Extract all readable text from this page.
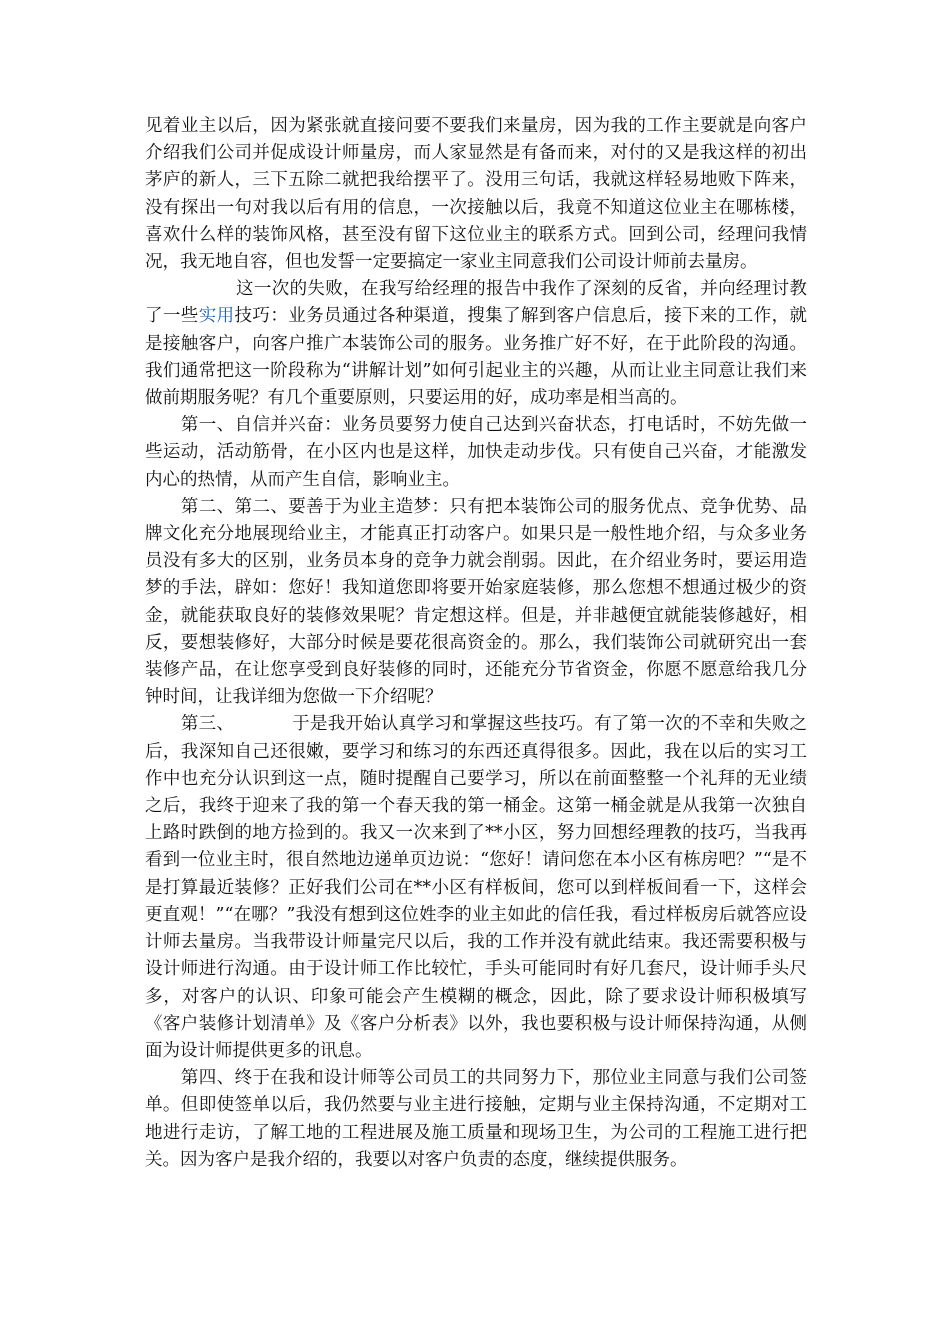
见着业主以后，因为紧张就直接问要不要我们来量房，因为我的工作主要就是向客户介绍我们公司并促成设计师量房，而人家显然是有备而来，对付的又是我这样的初出茅庐的新人，三下五除二就把我给摆平了。没用三句话，我就这样轻易地败下阵来，没有探出一句对我以后有用的信息，一次接触以后，我竟不知道这位业主在哪栋楼，喜欢什么样的装饰风格，甚至没有留下这位业主的联系方式。回到公司，经理问我情况，我无地自容，但也发誓一定要搞定一家业主同意我们公司设计师前去量房。

这一次的失败，在我写给经理的报告中我作了深刻的反省，并向经理讨教了一些实用技巧：业务员通过各种渠道，搜集了解到客户信息后，接下来的工作，就是接触客户，向客户推广本装饰公司的服务。业务推广好不好，在于此阶段的沟通。我们通常把这一阶段称为“讲解计划”如何引起业主的兴趣，从而让业主同意让我们来做前期服务呢？有几个重要原则，只要运用的好，成功率是相当高的。

第一、自信并兴奋：业务员要努力使自己达到兴奋状态，打电话时，不妨先做一些运动，活动筋骨，在小区内也是这样，加快走动步伐。只有使自己兴奋，才能激发内心的热情，从而产生自信，影响业主。

第二、第二、要善于为业主造梦：只有把本装饰公司的服务优点、竞争优势、品牌文化充分地展现给业主，才能真正打动客户。如果只是一般性地介绍，与众多业务员没有多大的区别，业务员本身的竞争力就会削弱。因此，在介绍业务时，要运用造梦的手法，辟如：您好！我知道您即将要开始家庭装修，那么您想不想通过极少的资金，就能获取良好的装修效果呢？肯定想这样。但是，并非越便宜就能装修越好，相反，要想装修好，大部分时候是要花很高资金的。那么，我们装饰公司就研究出一套装修产品，在让您享受到良好装修的同时，还能充分节省资金，你愿不愿意给我几分钟时间，让我详细为您做一下介绍呢？

第三、	于是我开始认真学习和掌握这些技巧。有了第一次的不幸和失败之后，我深知自己还很嫩，要学习和练习的东西还真得很多。因此，我在以后的实习工作中也充分认识到这一点，随时提醒自己要学习，所以在前面整整一个礼拜的无业绩之后，我终于迎来了我的第一个春天我的第一桶金。这第一桶金就是从我第一次独自上路时跌倒的地方捡到的。我又一次来到了**小区，努力回想经理教的技巧，当我再看到一位业主时，很自然地边递单页边说：“您好！请问您在本小区有栋房吧？”“是不是打算最近装修？正好我们公司在**小区有样板间，您可以到样板间看一下，这样会更直观！”“在哪？”我没有想到这位姓李的业主如此的信任我，看过样板房后就答应设计师去量房。当我带设计师量完尺以后，我的工作并没有就此结束。我还需要积极与设计师进行沟通。由于设计师工作比较忙，手头可能同时有好几套尺，设计师手头尺多，对客户的认识、印象可能会产生模糊的概念，因此，除了要求设计师积极填写《客户装修计划清单》及《客户分析表》以外，我也要积极与设计师保持沟通，从侧面为设计师提供更多的讯息。

第四、终于在我和设计师等公司员工的共同努力下，那位业主同意与我们公司签单。但即使签单以后，我仍然要与业主进行接触，定期与业主保持沟通，不定期对工地进行走访，了解工地的工程进展及施工质量和现场卫生，为公司的工程施工进行把关。因为客户是我介绍的，我要以对客户负责的态度，继续提供服务。
